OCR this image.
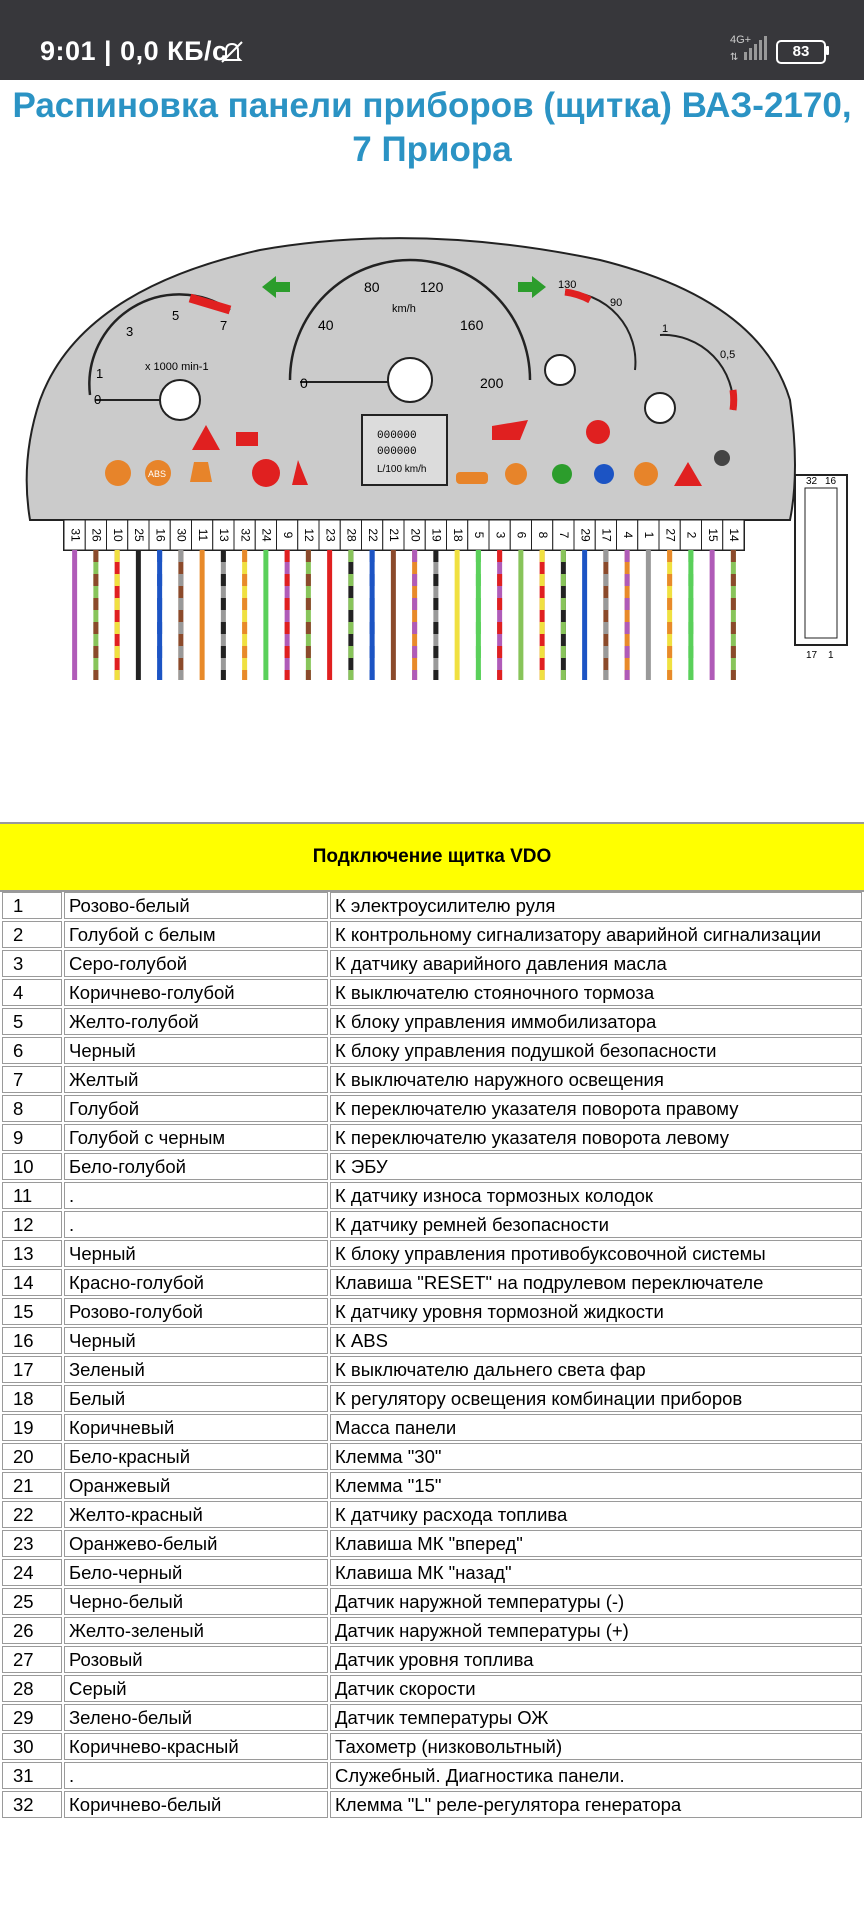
9:01 | 0,0 КБ/с	4G+
⇅	83
Распиновка панели приборов (щитка) ВАЗ-2170, 7 Приора
1
3
5
7
0
x 1000 min-1
0
40
80	120
160
200
km/h
000000
000000
L/100 km/h
130
90
1
0,5
ABS
31 26 10 25 16 30 11 13 32 24 9 12 23 28 22 21 20 19 18 5 3 6 8 7 29 17 4 1 27 2 15 14
32 16
17 1
Подключение щитка VDO
1	Розово-белый	К электроусилителю руля
2	Голубой с белым	К контрольному сигнализатору аварийной сигнализации
3	Серо-голубой	К датчику аварийного давления масла
4	Коричнево-голубой	К выключателю стояночного тормоза
5	Желто-голубой	К блоку управления иммобилизатора
6	Черный	К блоку управления подушкой безопасности
7	Желтый	К выключателю наружного освещения
8	Голубой	К переключателю указателя поворота правому
9	Голубой с черным	К переключателю указателя поворота левому
10	Бело-голубой	К ЭБУ
11	.	К датчику износа тормозных колодок
12	.	К датчику ремней безопасности
13	Черный	К блоку управления противобуксовочной системы
14	Красно-голубой	Клавиша "RESET" на подрулевом переключателе
15	Розово-голубой	К датчику уровня тормозной жидкости
16	Черный	К ABS
17	Зеленый	К выключателю дальнего света фар
18	Белый	К регулятору освещения комбинации приборов
19	Коричневый	Масса панели
20	Бело-красный	Клемма "30"
21	Оранжевый	Клемма "15"
22	Желто-красный	К датчику расхода топлива
23	Оранжево-белый	Клавиша МК "вперед"
24	Бело-черный	Клавиша МК "назад"
25	Черно-белый	Датчик наружной температуры (-)
26	Желто-зеленый	Датчик наружной температуры (+)
27	Розовый	Датчик уровня топлива
28	Серый	Датчик скорости
29	Зелено-белый	Датчик температуры ОЖ
30	Коричнево-красный	Тахометр (низковольтный)
31	.	Служебный. Диагностика панели.
32	Коричнево-белый	Клемма "L" реле-регулятора генератора
